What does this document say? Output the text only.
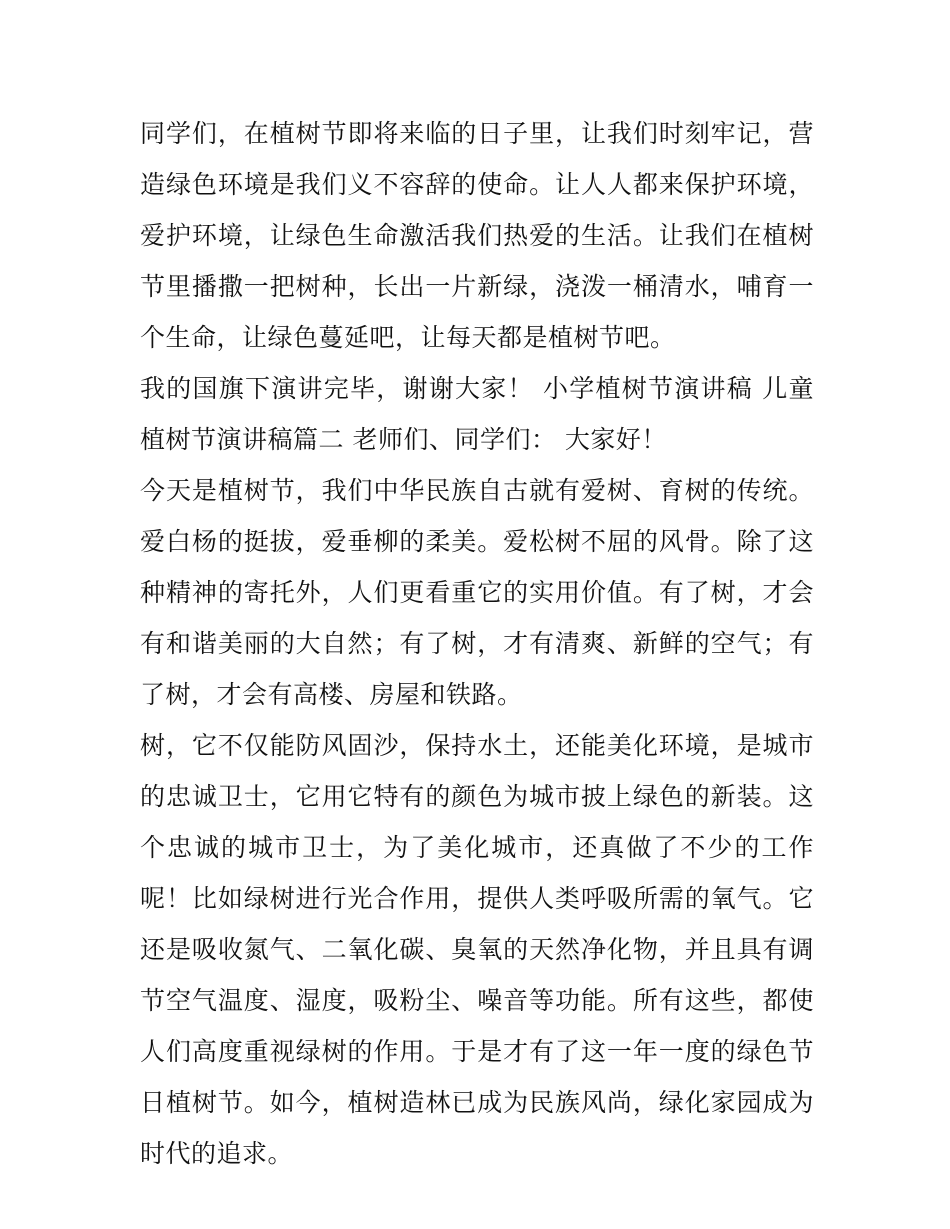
同学们，在植树节即将来临的日子里，让我们时刻牢记，营造绿色环境是我们义不容辞的使命。让人人都来保护环境，爱护环境，让绿色生命激活我们热爱的生活。让我们在植树节里播撒一把树种，长出一片新绿，浇泼一桶清水，哺育一个生命，让绿色蔓延吧，让每天都是植树节吧。

我的国旗下演讲完毕，谢谢大家！ 小学植树节演讲稿 儿童植树节演讲稿篇二 老师们、同学们： 大家好！

今天是植树节，我们中华民族自古就有爱树、育树的传统。爱白杨的挺拔，爱垂柳的柔美。爱松树不屈的风骨。除了这种精神的寄托外，人们更看重它的实用价值。有了树，才会有和谐美丽的大自然；有了树，才有清爽、新鲜的空气；有了树，才会有高楼、房屋和铁路。

树，它不仅能防风固沙，保持水土，还能美化环境，是城市的忠诚卫士，它用它特有的颜色为城市披上绿色的新装。这个忠诚的城市卫士，为了美化城市，还真做了不少的工作呢！比如绿树进行光合作用，提供人类呼吸所需的氧气。它还是吸收氮气、二氧化碳、臭氧的天然净化物，并且具有调节空气温度、湿度，吸粉尘、噪音等功能。所有这些，都使人们高度重视绿树的作用。于是才有了这一年一度的绿色节日植树节。如今，植树造林已成为民族风尚，绿化家园成为时代的追求。
